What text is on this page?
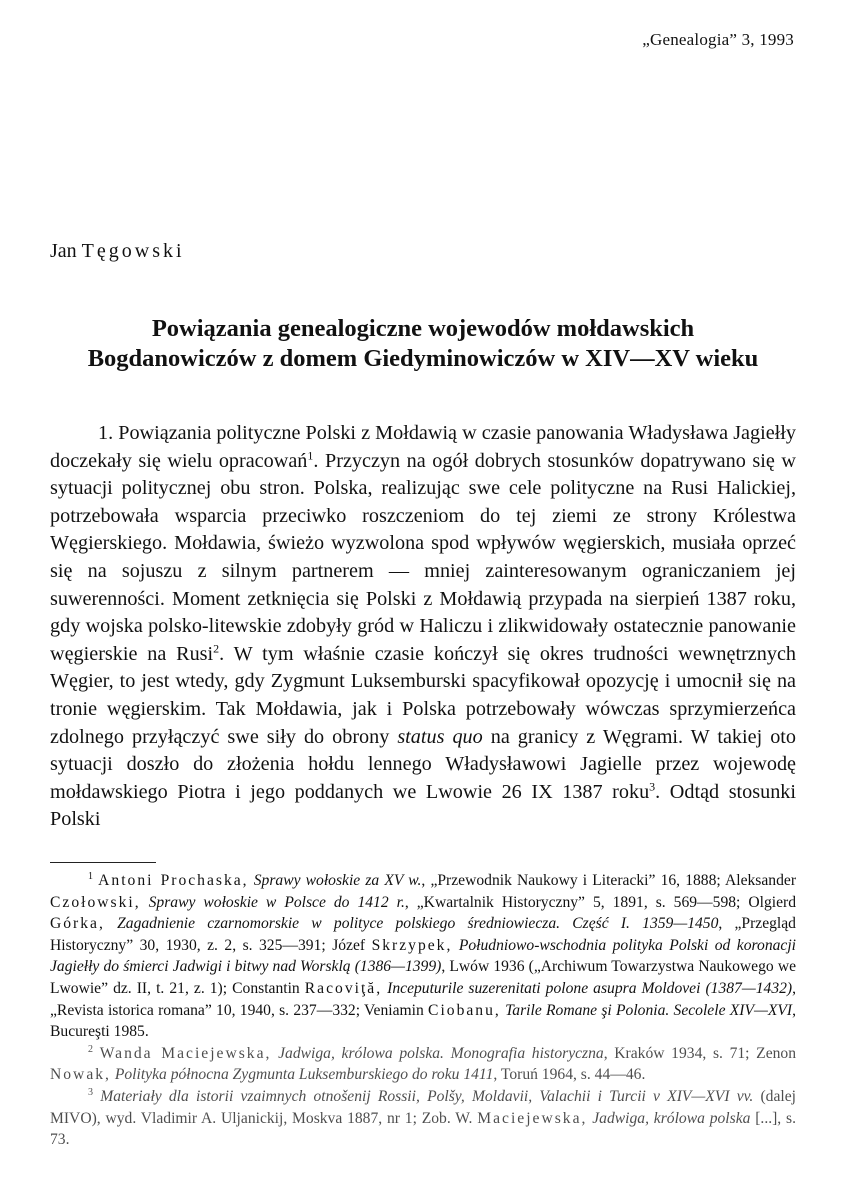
„Genealogia” 3, 1993
Jan Tęgowski
Powiązania genealogiczne wojewodów mołdawskich
Bogdanowiczów z domem Giedyminowiczów w XIV—XV wieku

1. Powiązania polityczne Polski z Mołdawią w czasie panowania Władysława Jagiełły doczekały się wielu opracowań$^1$. Przyczyn na ogół dobrych stosunków dopatrywano się w sytuacji politycznej obu stron. Polska, realizując swe cele polityczne na Rusi Halickiej, potrzebowała wsparcia przeciwko roszczeniom do tej ziemi ze strony Królestwa Węgierskiego. Mołdawia, świeżo wyzwolona spod wpływów węgierskich, musiała oprzeć się na sojuszu z silnym partnerem — mniej zainteresowanym ograniczaniem jej suwerenności. Moment zetknięcia się Polski z Mołdawią przypada na sierpień 1387 roku, gdy wojska polsko-litewskie zdobyły gród w Haliczu i zlikwidowały ostatecznie panowanie węgierskie na Rusi$^2$. W tym właśnie czasie kończył się okres trudności wewnętrznych Węgier, to jest wtedy, gdy Zygmunt Luksemburski spacyfikował opozycję i umocnił się na tronie węgierskim. Tak Mołdawia, jak i Polska potrzebowały wówczas sprzymierzeńca zdolnego przyłączyć swe siły do obrony status quo na granicy z Węgrami. W takiej oto sytuacji doszło do złożenia hołdu lennego Władysławowi Jagielle przez wojewodę mołdawskiego Piotra i jego poddanych we Lwowie 26 IX 1387 roku$^3$. Odtąd stosunki Polski

$^1$ Antoni Prochaska, Sprawy wołoskie za XV w., „Przewodnik Naukowy i Literacki” 16, 1888; Aleksander Czołowski, Sprawy wołoskie w Polsce do 1412 r., „Kwartalnik Historyczny” 5, 1891, s. 569—598; Olgierd Górka, Zagadnienie czarnomorskie w polityce polskiego średniowiecza. Część I. 1359—1450, „Przegląd Historyczny” 30, 1930, z. 2, s. 325—391; Józef Skrzypek, Południowo-wschodnia polityka Polski od koronacji Jagiełły do śmierci Jadwigi i bitwy nad Worsklą (1386—1399), Lwów 1936 („Archiwum Towarzystwa Naukowego we Lwowie” dz. II, t. 21, z. 1); Constantin Racoviţă, Inceputurile suzerenitati polone asupra Moldovei (1387—1432), „Revista istorica romana” 10, 1940, s. 237—332; Veniamin Ciobanu, Tarile Romane şi Polonia. Secolele XIV—XVI, Bucureşti 1985.

$^2$ Wanda Maciejewska, Jadwiga, królowa polska. Monografia historyczna, Kraków 1934, s. 71; Zenon Nowak, Polityka północna Zygmunta Luksemburskiego do roku 1411, Toruń 1964, s. 44—46.

$^3$ Materiały dla istorii vzaimnych otnošenij Rossii, Polšy, Moldavii, Valachii i Turcii v XIV—XVI vv. (dalej MIVO), wyd. Vladimir A. Uljanickij, Moskva 1887, nr 1; Zob. W. Maciejewska, Jadwiga, królowa polska [...], s. 73.
